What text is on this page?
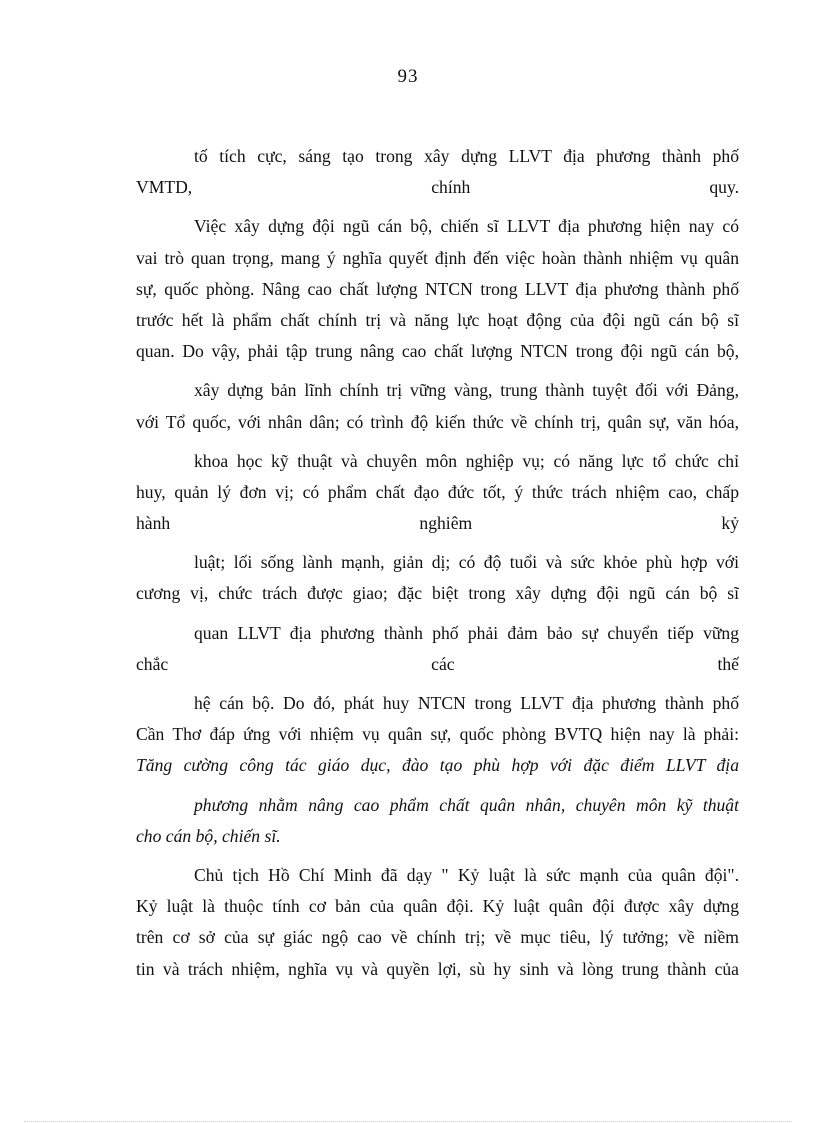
93
tố tích cực, sáng tạo trong xây dựng LLVT địa phương thành phố
VMTD, chính quy.
Việc xây dựng đội ngũ cán bộ, chiến sĩ LLVT địa phương hiện nay có
vai trò quan trọng, mang ý nghĩa quyết định đến việc hoàn thành nhiệm vụ quân
sự, quốc phòng. Nâng cao chất lượng NTCN trong LLVT địa phương thành phố
trước hết là phẩm chất chính trị và năng lực hoạt động của đội ngũ cán bộ sĩ
quan. Do vậy, phải tập trung nâng cao chất lượng NTCN trong đội ngũ cán bộ,
xây dựng bản lĩnh chính trị vững vàng, trung thành tuyệt đối với Đảng,
với Tổ quốc, với nhân dân; có trình độ kiến thức về chính trị, quân sự, văn hóa,
khoa học kỹ thuật và chuyên môn nghiệp vụ; có năng lực tổ chức chỉ
huy, quản lý đơn vị; có phẩm chất đạo đức tốt, ý thức trách nhiệm cao, chấp
hành nghiêm kỷ
luật; lối sống lành mạnh, giản dị; có độ tuổi và sức khỏe phù hợp với
cương vị, chức trách được giao; đặc biệt trong xây dựng đội ngũ cán bộ sĩ
quan LLVT địa phương thành phố phải đảm bảo sự chuyển tiếp vững
chắc các thế
hệ cán bộ. Do đó, phát huy NTCN trong LLVT địa phương thành phố
Cần Thơ đáp ứng với nhiệm vụ quân sự, quốc phòng BVTQ hiện nay là phải:
Tăng cường công tác giáo dục, đào tạo phù hợp với đặc điểm LLVT địa
phương nhằm nâng cao phẩm chất quân nhân, chuyên môn kỹ thuật
cho cán bộ, chiến sĩ.
Chủ tịch Hồ Chí Minh đã dạy " Kỷ luật là sức mạnh của quân đội".
Kỷ luật là thuộc tính cơ bản của quân đội. Kỷ luật quân đội được xây dựng
trên cơ sở của sự giác ngộ cao về chính trị; về mục tiêu, lý tưởng; về niềm
tin và trách nhiệm, nghĩa vụ và quyền lợi, sù hy sinh và lòng trung thành của
